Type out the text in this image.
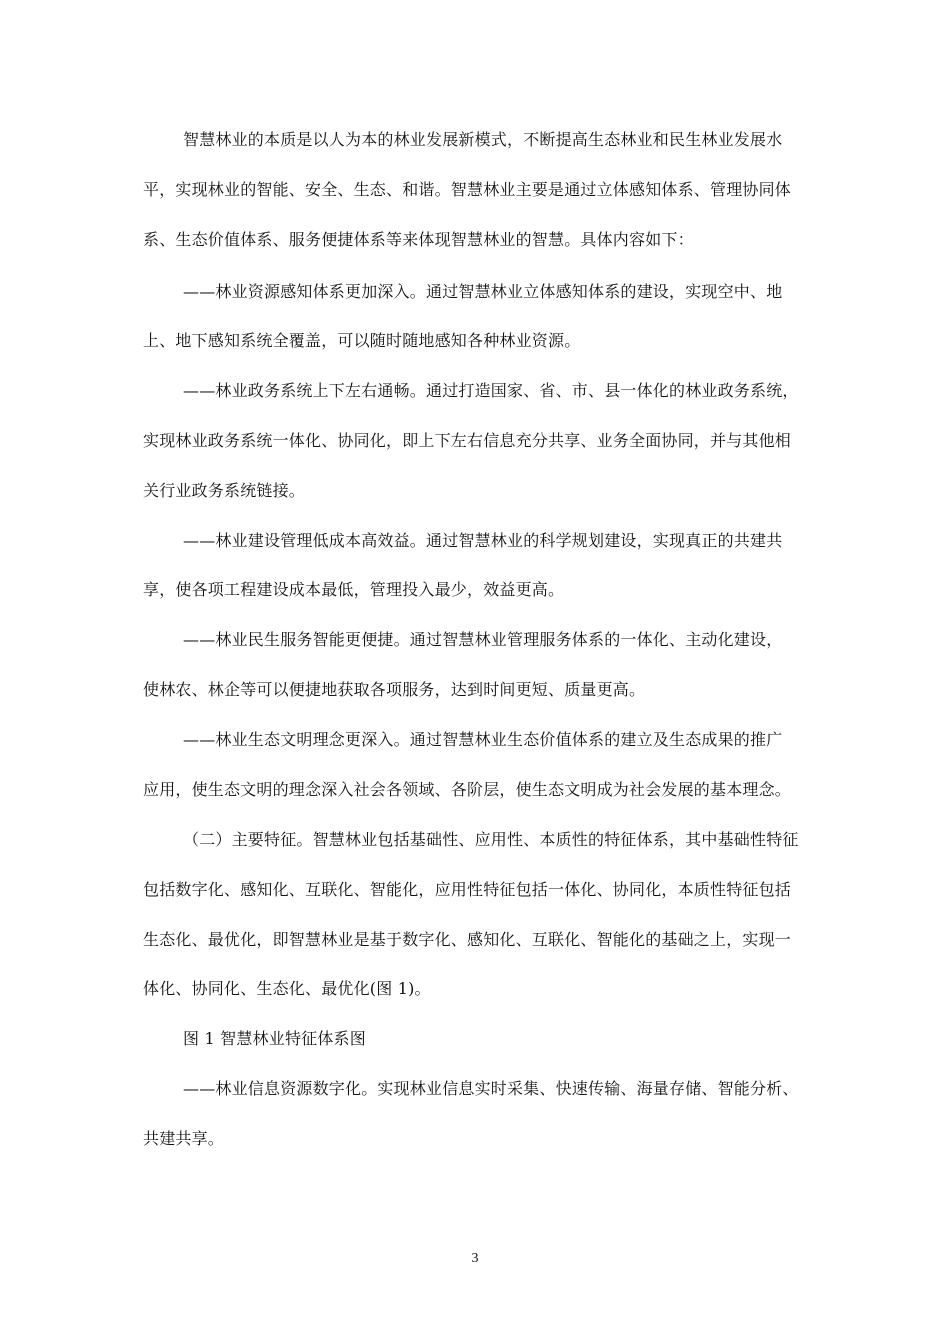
智慧林业的本质是以人为本的林业发展新模式，不断提高生态林业和民生林业发展水
平，实现林业的智能、安全、生态、和谐。智慧林业主要是通过立体感知体系、管理协同体
系、生态价值体系、服务便捷体系等来体现智慧林业的智慧。具体内容如下：
——林业资源感知体系更加深入。通过智慧林业立体感知体系的建设，实现空中、地
上、地下感知系统全覆盖，可以随时随地感知各种林业资源。
——林业政务系统上下左右通畅。通过打造国家、省、市、县一体化的林业政务系统，
实现林业政务系统一体化、协同化，即上下左右信息充分共享、业务全面协同，并与其他相
关行业政务系统链接。
——林业建设管理低成本高效益。通过智慧林业的科学规划建设，实现真正的共建共
享，使各项工程建设成本最低，管理投入最少，效益更高。
——林业民生服务智能更便捷。通过智慧林业管理服务体系的一体化、主动化建设，
使林农、林企等可以便捷地获取各项服务，达到时间更短、质量更高。
——林业生态文明理念更深入。通过智慧林业生态价值体系的建立及生态成果的推广
应用，使生态文明的理念深入社会各领域、各阶层，使生态文明成为社会发展的基本理念。
（二）主要特征。智慧林业包括基础性、应用性、本质性的特征体系，其中基础性特征
包括数字化、感知化、互联化、智能化，应用性特征包括一体化、协同化，本质性特征包括
生态化、最优化，即智慧林业是基于数字化、感知化、互联化、智能化的基础之上，实现一
体化、协同化、生态化、最优化(图 1)。
图 1 智慧林业特征体系图
——林业信息资源数字化。实现林业信息实时采集、快速传输、海量存储、智能分析、
共建共享。
3
